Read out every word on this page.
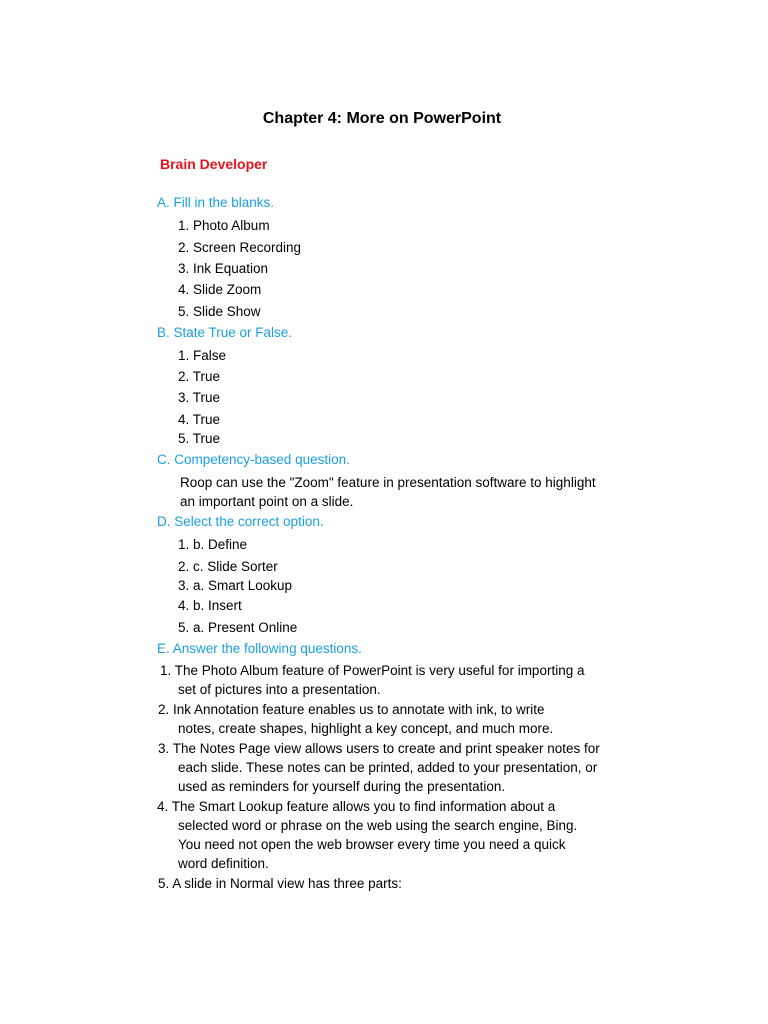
Chapter 4: More on PowerPoint
Brain Developer
A. Fill in the blanks.
1. Photo Album
2. Screen Recording
3. Ink Equation
4. Slide Zoom
5. Slide Show
B. State True or False.
1. False
2. True
3. True
4. True
5. True
C. Competency-based question.
Roop can use the "Zoom" feature in presentation software to highlight
an important point on a slide.
D. Select the correct option.
1. b. Define
2. c. Slide Sorter
3. a. Smart Lookup
4. b. Insert
5. a. Present Online
E. Answer the following questions.
1. The Photo Album feature of PowerPoint is very useful for importing a
set of pictures into a presentation.
2. Ink Annotation feature enables us to annotate with ink, to write
notes, create shapes, highlight a key concept, and much more.
3. The Notes Page view allows users to create and print speaker notes for
each slide. These notes can be printed, added to your presentation, or
used as reminders for yourself during the presentation.
4. The Smart Lookup feature allows you to find information about a
selected word or phrase on the web using the search engine, Bing.
You need not open the web browser every time you need a quick
word definition.
5. A slide in Normal view has three parts:
